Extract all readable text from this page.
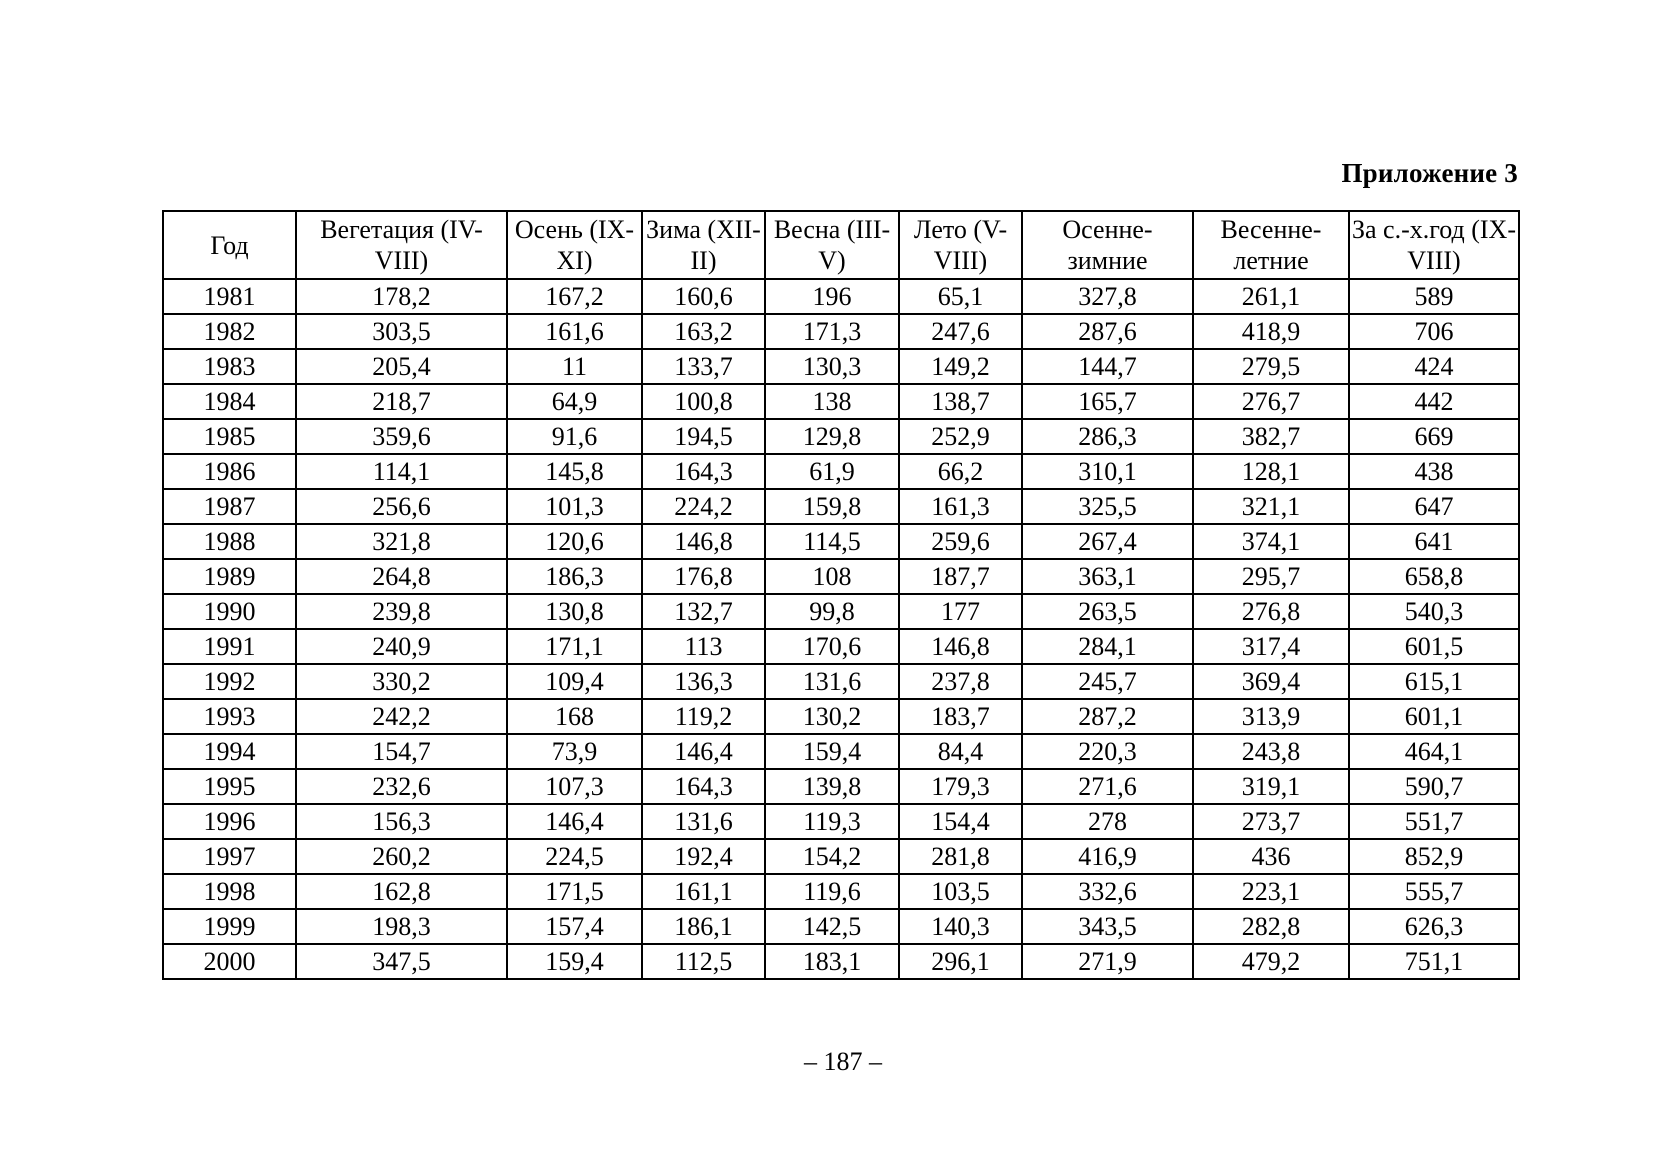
Приложение 3
Год	Вегетация (IV-VIII)	Осень (IX-XI)	Зима (XII-II)	Весна (III-V)	Лето (V- VIII)	Осенне- зимние	Весенне- летние	За с.-х.год (IX- VIII)
1981	178,2	167,2	160,6	196	65,1	327,8	261,1	589
1982	303,5	161,6	163,2	171,3	247,6	287,6	418,9	706
1983	205,4	11	133,7	130,3	149,2	144,7	279,5	424
1984	218,7	64,9	100,8	138	138,7	165,7	276,7	442
1985	359,6	91,6	194,5	129,8	252,9	286,3	382,7	669
1986	114,1	145,8	164,3	61,9	66,2	310,1	128,1	438
1987	256,6	101,3	224,2	159,8	161,3	325,5	321,1	647
1988	321,8	120,6	146,8	114,5	259,6	267,4	374,1	641
1989	264,8	186,3	176,8	108	187,7	363,1	295,7	658,8
1990	239,8	130,8	132,7	99,8	177	263,5	276,8	540,3
1991	240,9	171,1	113	170,6	146,8	284,1	317,4	601,5
1992	330,2	109,4	136,3	131,6	237,8	245,7	369,4	615,1
1993	242,2	168	119,2	130,2	183,7	287,2	313,9	601,1
1994	154,7	73,9	146,4	159,4	84,4	220,3	243,8	464,1
1995	232,6	107,3	164,3	139,8	179,3	271,6	319,1	590,7
1996	156,3	146,4	131,6	119,3	154,4	278	273,7	551,7
1997	260,2	224,5	192,4	154,2	281,8	416,9	436	852,9
1998	162,8	171,5	161,1	119,6	103,5	332,6	223,1	555,7
1999	198,3	157,4	186,1	142,5	140,3	343,5	282,8	626,3
2000	347,5	159,4	112,5	183,1	296,1	271,9	479,2	751,1
– 187 –
